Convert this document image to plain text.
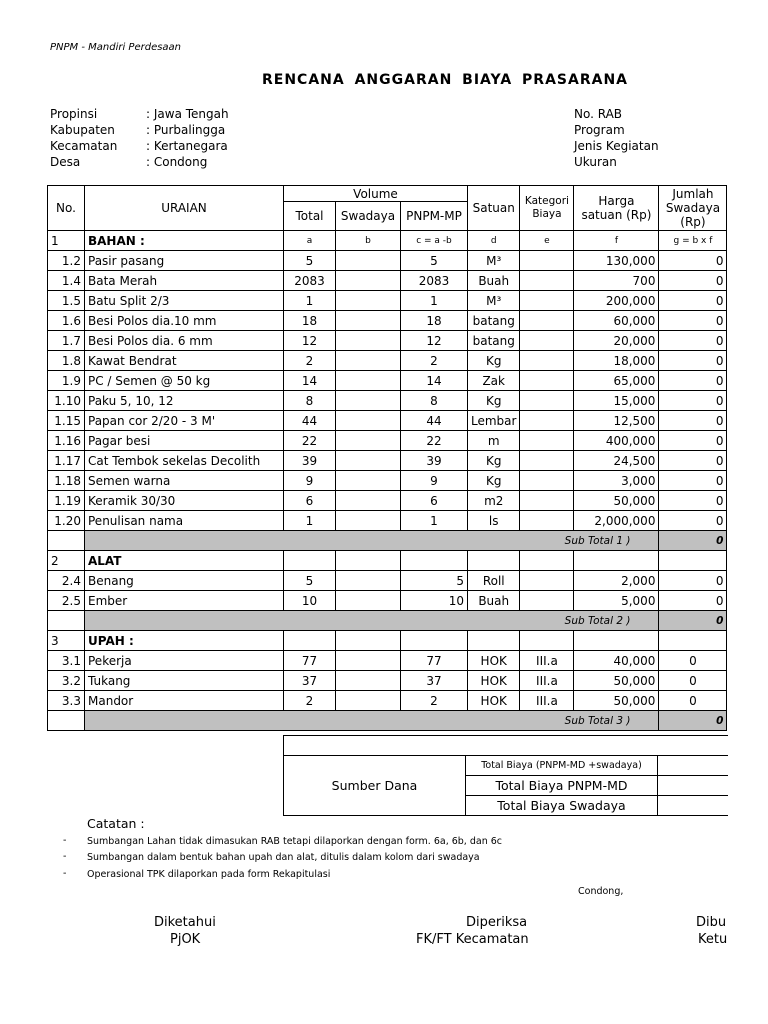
PNPM - Mandiri Perdesaan
RENCANA ANGGARAN BIAYA PRASARANA
Propinsi	: Jawa Tengah
Kabupaten	: Purbalingga
Kecamatan : Kertanegara
Desa	: Condong
No. RAB
Program
Jenis Kegiatan
Ukuran
No.	URAIAN	Volume			Satuan	Kategori Biaya	Harga satuan (Rp)	Jumlah Swadaya (Rp)
		Total	Swadaya	PNPM-MP				
1	BAHAN :	a	b	c = a -b	d	e	f	g = b x f
1.2	Pasir pasang	5		5	M³		130,000	0
1.4	Bata Merah	2083		2083	Buah		700	0
1.5	Batu Split 2/3	1		1	M³		200,000	0
1.6	Besi Polos dia.10 mm	18		18	batang		60,000	0
1.7	Besi Polos dia. 6 mm	12		12	batang		20,000	0
1.8	Kawat Bendrat	2		2	Kg		18,000	0
1.9	PC / Semen @ 50 kg	14		14	Zak		65,000	0
1.10	Paku 5, 10, 12	8		8	Kg		15,000	0
1.15	Papan cor 2/20 - 3 M'	44		44	Lembar		12,500	0
1.16	Pagar besi	22		22	m		400,000	0
1.17	Cat Tembok sekelas Decolith	39		39	Kg		24,500	0
1.18	Semen warna	9		9	Kg		3,000	0
1.19	Keramik 30/30	6		6	m2		50,000	0
1.20	Penulisan nama	1		1	ls		2,000,000	0
	Sub Total 1 )							0
2	ALAT							
2.4	Benang	5		5	Roll		2,000	0
2.5	Ember	10		10	Buah		5,000	0
	Sub Total 2 )							0
3	UPAH :							
3.1	Pekerja	77		77	HOK	III.a	40,000	0
3.2	Tukang	37		37	HOK	III.a	50,000	0
3.3	Mandor	2		2	HOK	III.a	50,000	0
	Sub Total 3 )							0

Sumber Dana	Total Biaya (PNPM-MD +swadaya)	
	Total Biaya PNPM-MD	
	Total Biaya Swadaya	
Catatan :
- Sumbangan Lahan tidak dimasukan RAB tetapi dilaporkan dengan form. 6a, 6b, dan 6c
- Sumbangan dalam bentuk bahan upah dan alat, ditulis dalam kolom dari swadaya
- Operasional TPK dilaporkan pada form Rekapitulasi
Condong,
Diketahui
PjOK
Diperiksa
FK/FT Kecamatan
Dibu
Ketu
